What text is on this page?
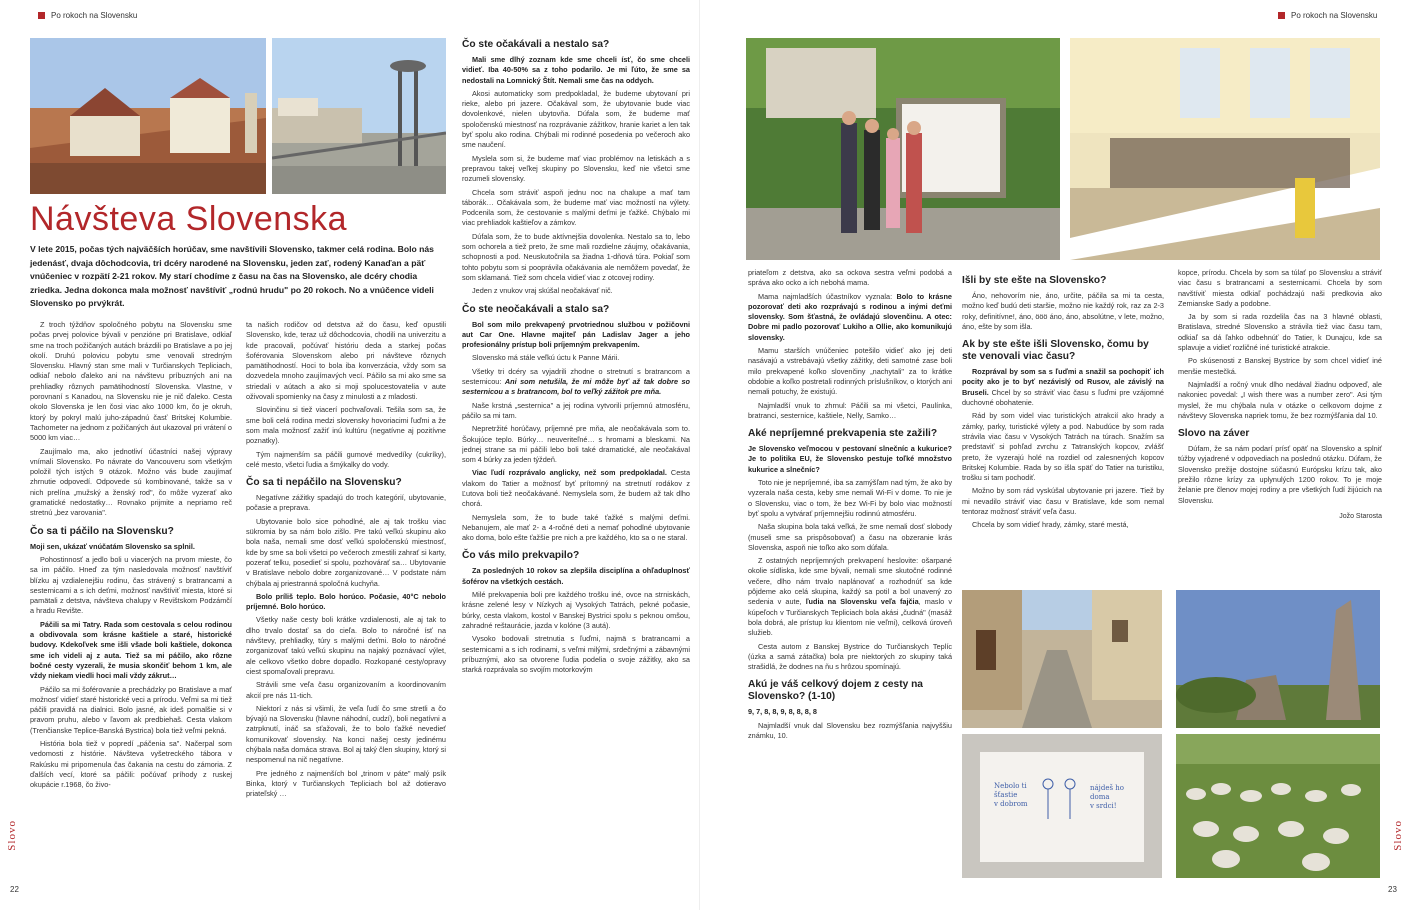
Po rokoch na Slovensku
Návšteva Slovenska
V lete 2015, počas tých najväčších horúčav, sme navštívili Slovensko, takmer celá rodina. Bolo nás jedenásť, dvaja dôchodcovia, tri dcéry narodené na Slovensku, jeden zať, rodený Kanaďan a päť vnúčeniec v rozpätí 2-21 rokov. My starí chodíme z času na čas na Slovensko, ale dcéry chodia zriedka. Jedna dokonca mala možnosť navštíviť „rodnú hrudu" po 20 rokoch. No a vnúčence videli Slovensko po prvýkrát.

Z troch týždňov spoločného pobytu na Slovensku sme počas prvej polovice bývali v penzióne pri Bratislave, odkiaľ sme na troch požičaných autách brázdili po Bratislave a po jej okolí. Druhú polovicu pobytu sme venovali stredným Slovensku. Hlavný stan sme mali v Turčianskych Tepliciach, odkiaľ nebolo ďaleko ani na návštevu príbuzných ani na prehliadky rôznych pamätihodností Slovenska. Vlastne, v porovnaní s Kanadou, na Slovensku nie je nič ďaleko. Cesta okolo Slovenska je len čosi viac ako 1000 km, čo je okruh, ktorý by pokryl malú juho-západnú časť Britskej Kolumbie. Tachometer na jednom z požičaných áut ukazoval pri vrátení o 5000 km viac…

Zaujímalo ma, ako jednotliví účastníci našej výpravy vnímali Slovensko. Po návrate do Vancouveru som všetkým položil tých istých 9 otázok. Možno vás bude zaujímať zhrnutie odpovedí. Odpovede sú kombinované, takže sa v nich prelína „mužský a ženský rod", čo môže vyzerať ako gramatické nedostatky… Rovnako prijmite a nepriamo reč stretnú „bez varovania".

Čo sa ti páčilo na Slovensku?

Moji sen, ukázať vnúčatám Slovensko sa splnil.

Pohostinnosť a jedlo boli u viacerých na prvom mieste, čo sa im páčilo. Hneď za tým nasledovala možnosť navštíviť blízku aj vzdialenejšiu rodinu, čas strávený s bratrancami a sesternicami a s ich deťmi, možnosť navštíviť miesta, ktoré si pamätali z detstva, návšteva chalupy v Revištskom Podzámčí a hradu Revište.

Páčili sa mi Tatry. Rada som cestovala s celou rodinou a obdivovala som krásne kaštiele a staré, historické budovy. Kdekoľvek sme išli všade boli kaštiele, dokonca sme ich videli aj z auta. Tiež sa mi páčilo, ako rôzne bočné cesty vyzerali, že musia skončiť behom 1 km, ale vždy niekam viedli hoci mali vždy zákrut…

Páčilo sa mi šoférovanie a prechádzky po Bratislave a mať možnosť vidieť staré historické veci a prírodu. Veľmi sa mi tiež páčili pravidlá na dialnici. Bolo jasné, ak ideš pomalšie si v pravom pruhu, alebo v ľavom ak predbiehaš. Cesta vlakom (Trenčianske Teplice-Banská Bystrica) bola tiež veľmi pekná.

História bola tiež v popredí „páčenia sa". Načerpal som vedomosti z histórie. Návšteva vyšetreckého tábora v Rakúsku mi pripomenula čas čakania na cestu do zámoria. Z ďalších vecí, ktoré sa páčili: počúvať príhody z ruskej okupácie r.1968, čo živo-

ta našich rodičov od detstva až do času, keď opustili Slovensko, kde, teraz už dôchodcovia, chodili na univerzitu a kde pracovali, počúvať históriu deda a starkej počas šoférovania Slovenskom alebo pri návšteve rôznych pamätihodností. Hoci to bola iba konverzácia, vždy som sa dozvedela mnoho zaujímavých vecí. Páčilo sa mi ako sme sa striedali v aútach a ako si moji spolucestovatelia v aute oživovali spomienky na časy z minulosti a z mladosti.

Slovinčinu si tiež viacerí pochvaľovali. Tešila som sa, že sme boli celá rodina medzi slovensky hovoriacimi ľuďmi a že som mala možnosť zažiť inú kultúru (negatívne aj pozitívne poznatky).

Tým najmenším sa páčili gumové medvedíky (cukríky), celé mesto, všetci ľudia a šmýkalky do vody.

Čo sa ti nepáčilo na Slovensku?

Negatívne zážitky spadajú do troch kategórií, ubytovanie, počasie a prepravа.

Ubytovanie bolo sice pohodlné, ale aj tak trošku viac sükromia by sa nám bolo zišlo. Pre takú veľkú skupinu ako bola naša, nemali sme dosť veľkú spoločenskú miestnosť, kde by sme sa boli všetci po večeroch zmestili zahrať si karty, pozerať telku, posedieť si spolu, pozhovárať sa… Ubytovanie v Bratislave nebolo dobre zorganizované… V podstate nám chýbala aj priestranná spoločná kuchyňa.

Bolo príliš teplo. Bolo horúco. Počasie, 40°C nebolo príjemné. Bolo horúco.

Všetky naše cesty boli krátke vzdialenosti, ale aj tak to dlho trvalo dostať sa do cieľa. Bolo to náročné ísť na návštevy, prehliadky, túry s malými deťmi. Bolo to náročné zorganizovať takú veľkú skupinu na najaký poznávací výlet, ale celkovo všetko dobre dopadlo. Rozkopané cesty/opravy ciest spomaľovali prepravu.

Strávili sme veľa času organizovaním a koordinovaním akcií pre nás 11-tich.

Niektorí z nás si všimli, že veľa ľudí čo sme stretli a čo bývajú na Slovensku (hlavne náhodní, cudzí), boli negatívni a zatrpknutí, ináč sa sťažovali, že to bolo ťažké nevedieť komunikovať slovensky. Na konci našej cesty jedinému chýbala naša domáca strava. Bol aj taký člen skupiny, ktorý si nespomenul na nič negatívne.

Pre jedného z najmenších bol „trinom v páte" malý psík Binka, ktorý v Turčianskych Tepliciach bol až dotieravo priateľský …

Čo ste očakávali a nestalo sa?

Mali sme dlhý zoznam kde sme chceli ísť, čo sme chceli vidieť. Iba 40-50% sa z toho podarilo. Je mi ľúto, že sme sa nedostali na Lomnický Štít. Nemali sme čas na oddych.

Akosi automaticky som predpokladal, že budeme ubytovaní pri rieke, alebo pri jazere. Očakával som, že ubytovanie bude viac dovolenkové, nielen ubytovňa. Dúfala som, že budeme mať spoločenskú miestnosť na rozprávanie zážitkov, hranie kariet a len tak byť spolu ako rodina. Chýbali mi rodinné posedenia po večeroch ako sme naučení.

Myslela som si, že budeme mať viac problémov na letiskách a s prepravou takej veľkej skupiny po Slovensku, keď nie všetci sme rozumeli slovensky.

Chcela som stráviť aspoň jednu noc na chalupe a mať tam táborák… Očakávala som, že budeme mať viac možností na výlety. Podcenila som, že cestovanie s malými deťmi je ťažké. Chýbalo mi viac prehliadok kaštieľov a zámkov.

Dúfala som, že to bude aktívnejšia dovolenka. Nestalo sa to, lebo som ochorela a tiež preto, že sme mali rozdielne záujmy, očakávania, schopnosti a pod. Neuskutočnila sa žiadna 1-dňová túra. Pokiaľ som tohto pobytu som si pooprávila očakávania ale nemôžem povedať, že som sklamaná. Tiež som chcela vidieť viac z otcovej rodiny.

Jeden z vnukov vraj skúšal neočakávať nič.

Čo ste neočakávali a stalo sa?

Bol som milo prekvapený prvotriednou službou v požičovni aut Car One. Hlavne majiteľ pán Ladislav Jager a jeho profesionálny prístup boli príjemným prekvapením.

Slovensko má stále veľkú úctu k Panne Márii.

Všetky tri dcéry sa vyjadrili zhodne o stretnutí s bratrancom a sesternicou: Ani som netušila, že mi môže byť až tak dobre so sesternicou a s bratrancom, bol to veľký zážitok pre mňa.

Naše krstná „sesternica" a jej rodina vytvorili príjemnú atmosféru, páčilo sa mi tam.

Nepretržité horúčavy, príjemné pre mňa, ale neočakávala som to. Šokujúce teplo. Búrky… neuveriteľné… s hromami a bleskami. Na jednej strane sa mi páčili lebo boli také dramatické, ale neočakával som 4 búrky za jeden týždeň.

Viac ľudí rozprávalo anglicky, než som predpokladal. Cesta vlakom do Tatier a možnosť byť prítomný na stretnutí rodákov z Ľutova boli tiež neočakávané. Nemyslela som, že budem až tak dlho chorá.

Nemyslela som, že to bude také ťažké s malými deťmi. Nebanujem, ale mať 2- a 4-ročné deti a nemať pohodlné ubytovanie ako doma, bolo ešte ťažšie pre nich a pre každého, kto sa o ne staral.

Čo vás milo prekvapilo?

Za posledných 10 rokov sa zlepšila disciplína a ohľaduplnosť šoférov na všetkých cestách.

Milé prekvapenia boli pre každého trošku iné, ovce na strniskách, krásne zelené lesy v Nízkych aj Vysokých Tatrách, pekné počasie, búrky, cesta vlakom, kostol v Banskej Bystrici spolu s peknou omšou, zahradné reštaurácie, jazda v kolóne (3 autá).

Vysoko bodovali stretnutia s ľuďmi, najmä s bratrancami a sesternicami a s ich rodinami, s veľmi milými, srdečnými a zábavnými príbuznými, ako sa otvorene ľudia podelia o svoje zážitky, ako sa starká rozprávala so svojím motorkovým

Slovo
22
Po rokoch na Slovensku

priateľom z detstva, ako sa ockova sestra veľmi podobá a správa ako ocko a ich nebohá mama.

Mama najmladších účastníkov vyznala: Bolo to krásne pozorovať deti ako rozprávajú s rodinou a inými deťmi slovensky. Som šťastná, že ovládajú slovenčinu. A otec: Dobre mi padlo pozorovať Lukiho a Ollie, ako komunikujú slovensky.

Mamu starších vnúčeniec potešilo vidieť ako jej deti nasávajú a vstrebávajú všetky zážitky, deti samotné zase boli milo prekvapené koľko slovenčiny „nachytali" za to krátke obdobie a koľko postretali rodinných príslušníkov, o ktorých ani nemali potuchy, že existujú.

Najmladší vnuk to zhrnul: Páčili sa mi všetci, Paulínka, bratranci, sesternice, kaštiele, Nelly, Samko…

Aké nepríjemné prekvapenia ste zažili?

Je Slovensko veľmocou v pestovaní slnečníc a kukurice? Je to politika EU, že Slovensko pestuje toľké množstvo kukurice a slnečníc?

Toto nie je nepríjemné, iba sa zamýšľam nad tým, že ako by vyzerala naša cesta, keby sme nemali Wi-Fi v dome. To nie je o Slovensku, viac o tom, že bez Wi-Fi by bolo viac možností byť spolu a vytvárať príjemnejšiu rodinnú atmosféru.

Naša skupina bola taká veľká, že sme nemali dosť slobody (museli sme sa prispôsobovať) a času na obzeranie krás Slovenska, aspoň nie toľko ako som dúfala.

Z ostatných nepríjemných prekvapení heslovite: ošarpané okolie sídliska, kde sme bývali, nemali sme skutočné rodinné večere, dlho nám trvalo naplánovať a rozhodnúť sa kde pôjdeme ako celá skupina, každý sa potil a bol unavený zo sedenia v aute, ľudia na Slovensku veľa fajčia, maslo v kúpeľoch v Turčianskych Tepliciach bola akási „čudná" (masáž bola dobrá, ale prístup ku klientom nie veľmi), celková úroveň služieb.

Cesta autom z Banskej Bystrice do Turčianskych Teplíc (úzka a samá zátačka) bola pre niektorých zo skupiny taká strašidlá, že dodnes na ňu s hrôzou spomínajú.

Akú je váš celkový dojem z cesty na Slovensko? (1-10)

9, 7, 8, 8, 9, 8, 8, 8, 8

Najmladší vnuk dal Slovensku bez rozmýšľania najvyššiu známku, 10.

Išli by ste ešte na Slovensko?

Áno, nehovorím nie, áno, určite, páčila sa mi ta cesta, možno keď budú deti staršie, možno nie každý rok, raz za 2-3 roky, definitívne!, áno, ööö áno, áno, absolútne, v lete, možno, áno, ešte by som išla.

Ak by ste ešte išli Slovensko, čomu by ste venovali viac času?

Rozprával by som sa s ľuďmi a snažil sa pochopiť ich pocity ako je to byť nezávislý od Rusov, ale závislý na Bruseli. Chcel by so stráviť viac času s ľuďmi pre vzájomné duchovné obohatenie.

Rád by som videl viac turistických atrakcií ako hrady a zámky, parky, turistické výlety a pod. Nabudúce by som rada strávila viac času v Vysokých Tatrách na túrach. Snažím sa predstaviť si pohľad zvrchu z Tatranských kopcov, zvlášť preto, že vyzerajú holé na rozdiel od zalesnených kopcov Britskej Kolumbie. Rada by so išla späť do Tatier na turistiku, trošku si tam pochodiť.

Možno by som rád vyskúšal ubytovanie pri jazere. Tiež by mi nevadilo stráviť viac času v Bratislave, kde som nemal tentoraz možnosť stráviť veľa času.

Chcela by som vidieť hrady, zámky, staré mestá,

kopce, prírodu. Chcela by som sa túlať po Slovensku a stráviť viac času s bratrancami a sesternicami. Chcela by som navštíviť miesta odkiaľ pochádzajú naši predkovia ako Zemianske Sady a podobne.

Ja by som si rada rozdelila čas na 3 hlavné oblasti, Bratislava, stredné Slovensko a strávila tiež viac času tam, odkiaľ sa dá ľahko odbehnúť do Tatier, k Dunajcu, kde sa splavuje a vidieť rozličné iné turistické atrakcie.

Po skúsenosti z Banskej Bystrice by som chcel vidieť iné menšie mestečká.

Najmladší a ročný vnuk dlho nedával žiadnu odpoveď, ale nakoniec povedal: „I wish there was a number zero". Asi tým myslel, že mu chýbala nula v otázke o celkovom dojme z návštevy Slovenska napriek tomu, že bez rozmýšľania dal 10.

Slovo na záver

Dúfam, že sa nám podarí prísť opäť na Slovensko a splniť túžby vyjadrené v odpovediach na poslednú otázku. Dúfam, že Slovensko prežije dostojne súčasnú Európsku krízu tak, ako prežilo rôzne krízy za uplynulých 1200 rokov. To je moje želanie pre členov mojej rodiny a pre všetkých ľudí žijúcich na Slovensku.

Jožo Starosta

Nebolo ti
šťastie
v dobrom
nájdeš ho
doma
v srdci!
Slovo
23
